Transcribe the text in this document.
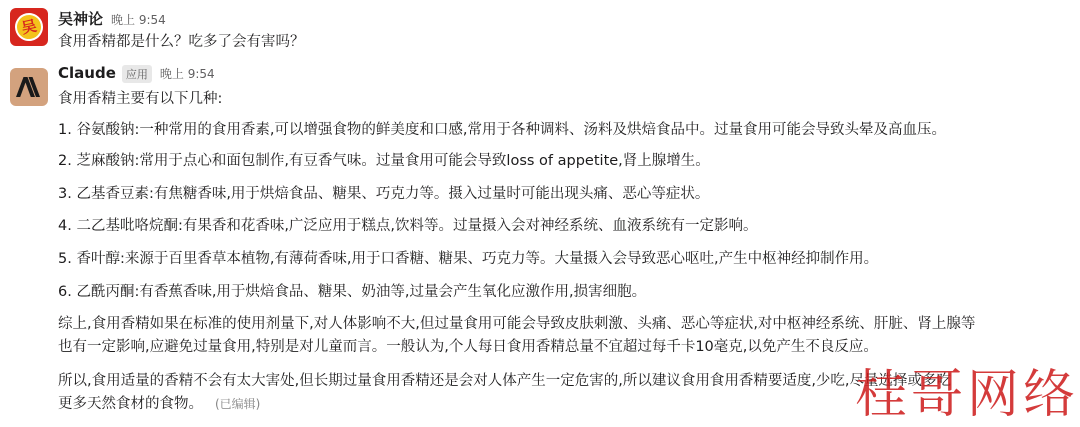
吴	吴神论 晚上 9:54
食用香精都是什么？吃多了会有害吗？
Claude 应用	晚上 9:54
食用香精主要有以下几种:
1. 谷氨酸钠:一种常用的食用香素,可以增强食物的鲜美度和口感,常用于各种调料、汤料及烘焙食品中。过量食用可能会导致头晕及高血压。
2. 芝麻酸钠:常用于点心和面包制作,有豆香气味。过量食用可能会导致loss of appetite,肾上腺增生。
3. 乙基香豆素:有焦糖香味,用于烘焙食品、糖果、巧克力等。摄入过量时可能出现头痛、恶心等症状。
4. 二乙基吡咯烷酮:有果香和花香味,广泛应用于糕点,饮料等。过量摄入会对神经系统、血液系统有一定影响。
5. 香叶醇:来源于百里香草本植物,有薄荷香味,用于口香糖、糖果、巧克力等。大量摄入会导致恶心呕吐,产生中枢神经抑制作用。
6. 乙酰丙酮:有香蕉香味,用于烘焙食品、糖果、奶油等,过量会产生氧化应激作用,损害细胞。
综上,食用香精如果在标准的使用剂量下,对人体影响不大,但过量食用可能会导致皮肤刺激、头痛、恶心等症状,对中枢神经系统、肝脏、肾上腺等
也有一定影响,应避免过量食用,特别是对儿童而言。一般认为,个人每日食用香精总量不宜超过每千卡10毫克,以免产生不良反应。
所以,食用适量的香精不会有太大害处,但长期过量食用香精还是会对人体产生一定危害的,所以建议食用食用香精要适度,少吃,尽量选择或多吃
更多天然食材的食物。 (已编辑)	桂哥网络
